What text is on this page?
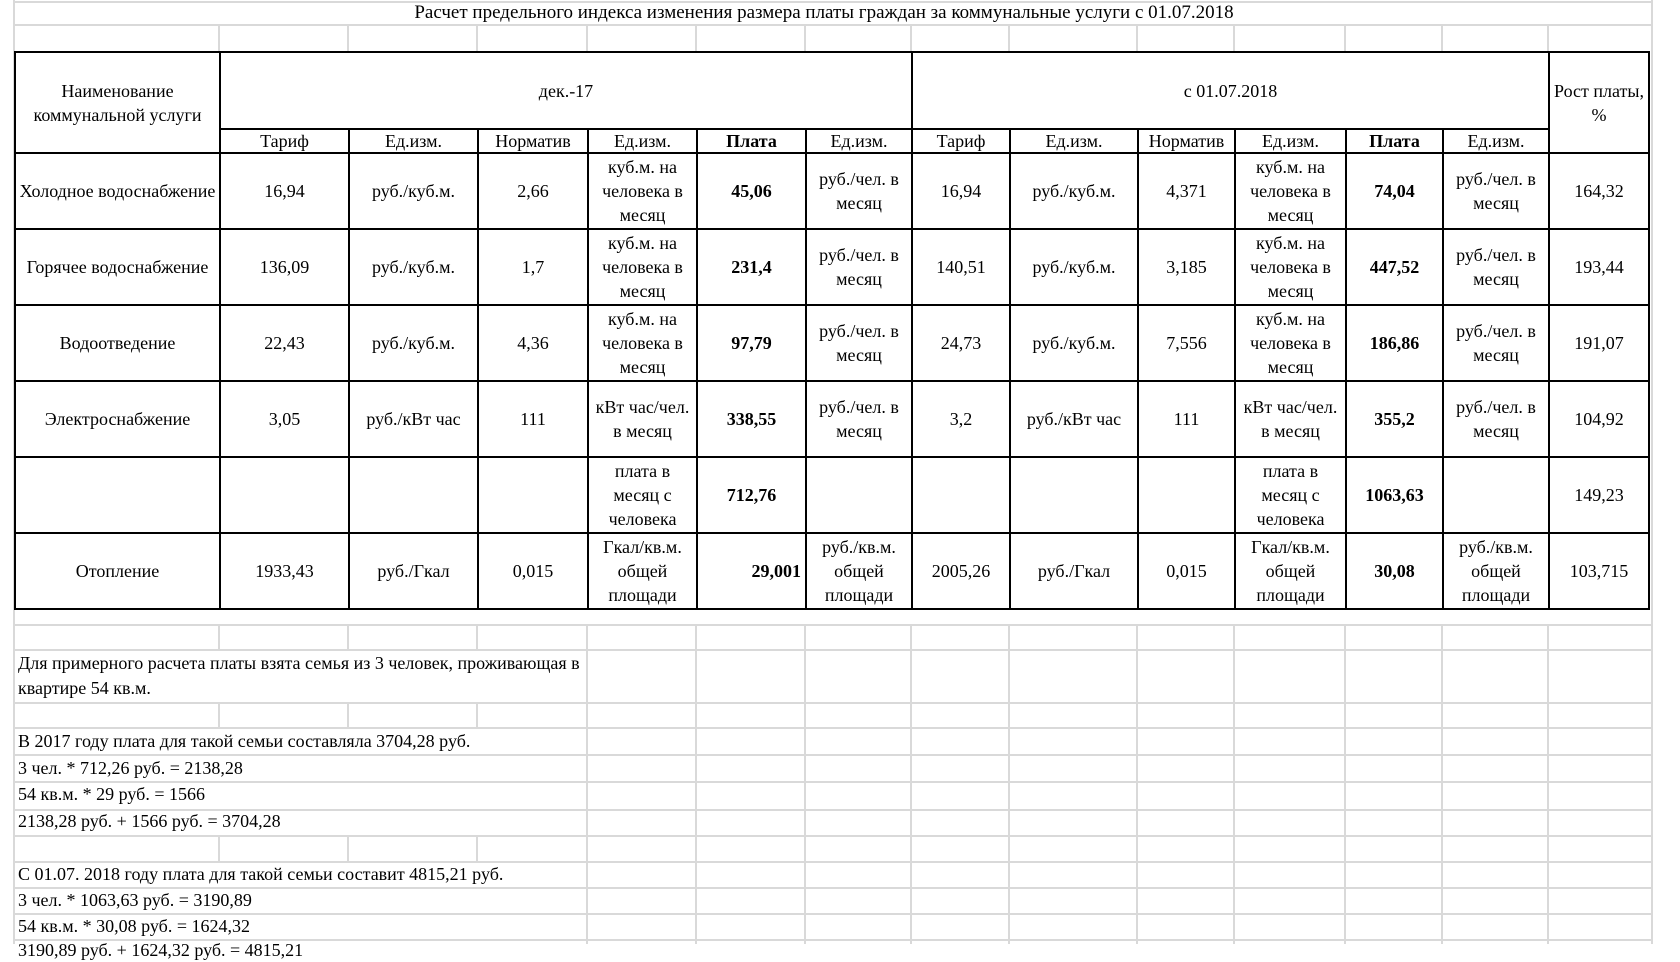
Расчет предельного индекса изменения размера платы граждан за коммунальные услуги с 01.07.2018
Наименование коммунальной услуги	дек.-17						с 01.07.2018						Рост платы, %
	Тариф	Ед.изм.	Норматив	Ед.изм.	Плата	Ед.изм.	Тариф	Ед.изм.	Норматив	Ед.изм.	Плата	Ед.изм.	
Холодное водоснабжение	16,94	руб./куб.м.	2,66	куб.м. на человека в месяц	45,06	руб./чел. в месяц	16,94	руб./куб.м.	4,371	куб.м. на человека в месяц	74,04	руб./чел. в месяц	164,32
Горячее водоснабжение	136,09	руб./куб.м.	1,7	куб.м. на человека в месяц	231,4	руб./чел. в месяц	140,51	руб./куб.м.	3,185	куб.м. на человека в месяц	447,52	руб./чел. в месяц	193,44
Водоотведение	22,43	руб./куб.м.	4,36	куб.м. на человека в месяц	97,79	руб./чел. в месяц	24,73	руб./куб.м.	7,556	куб.м. на человека в месяц	186,86	руб./чел. в месяц	191,07
Электроснабжение	3,05	руб./кВт час	111	кВт час/чел. в месяц	338,55	руб./чел. в месяц	3,2	руб./кВт час	111	кВт час/чел. в месяц	355,2	руб./чел. в месяц	104,92
				плата в месяц с человека	712,76					плата в месяц с человека	1063,63		149,23
Отопление	1933,43	руб./Гкал	0,015	Гкал/кв.м. общей площади	29,001	руб./кв.м. общей площади	2005,26	руб./Гкал	0,015	Гкал/кв.м. общей площади	30,08	руб./кв.м. общей площади	103,715
Для примерного расчета платы взята семья из 3 человек, проживающая в
квартире 54 кв.м.
В 2017 году плата для такой семьи составляла 3704,28 руб.
3 чел. * 712,26 руб. = 2138,28
54 кв.м. * 29 руб. = 1566
2138,28 руб. + 1566 руб. = 3704,28
С 01.07. 2018 году плата для такой семьи составит 4815,21 руб.
3 чел. * 1063,63 руб. = 3190,89
54 кв.м. * 30,08 руб. = 1624,32
3190,89 руб. + 1624,32 руб. = 4815,21
